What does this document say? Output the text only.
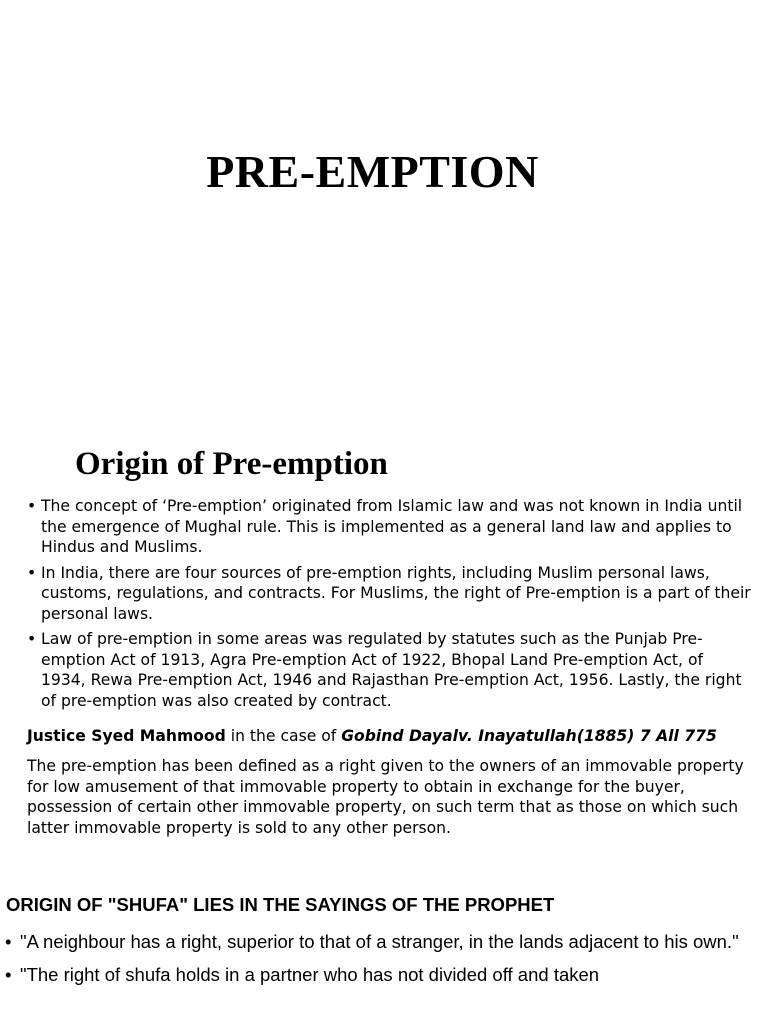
PRE-EMPTION
Origin of Pre-emption
• The concept of ‘Pre-emption’ originated from Islamic law and was not known in India until the emergence of Mughal rule. This is implemented as a general land law and applies to Hindus and Muslims.
• In India, there are four sources of pre-emption rights, including Muslim personal laws, customs, regulations, and contracts. For Muslims, the right of Pre-emption is a part of their personal laws.
• Law of pre-emption in some areas was regulated by statutes such as the Punjab Pre-emption Act of 1913, Agra Pre-emption Act of 1922, Bhopal Land Pre-emption Act, of 1934, Rewa Pre-emption Act, 1946 and Rajasthan Pre-emption Act, 1956. Lastly, the right of pre-emption was also created by contract.

Justice Syed Mahmood in the case of Gobind Dayalv. Inayatullah(1885) 7 All 775

The pre-emption has been defined as a right given to the owners of an immovable property for low amusement of that immovable property to obtain in exchange for the buyer, possession of certain other immovable property, on such term that as those on which such latter immovable property is sold to any other person.

ORIGIN OF "SHUFA" LIES IN THE SAYINGS OF THE PROPHET
• "A neighbour has a right, superior to that of a stranger, in the lands adjacent to his own."
• "The right of shufa holds in a partner who has not divided off and taken
